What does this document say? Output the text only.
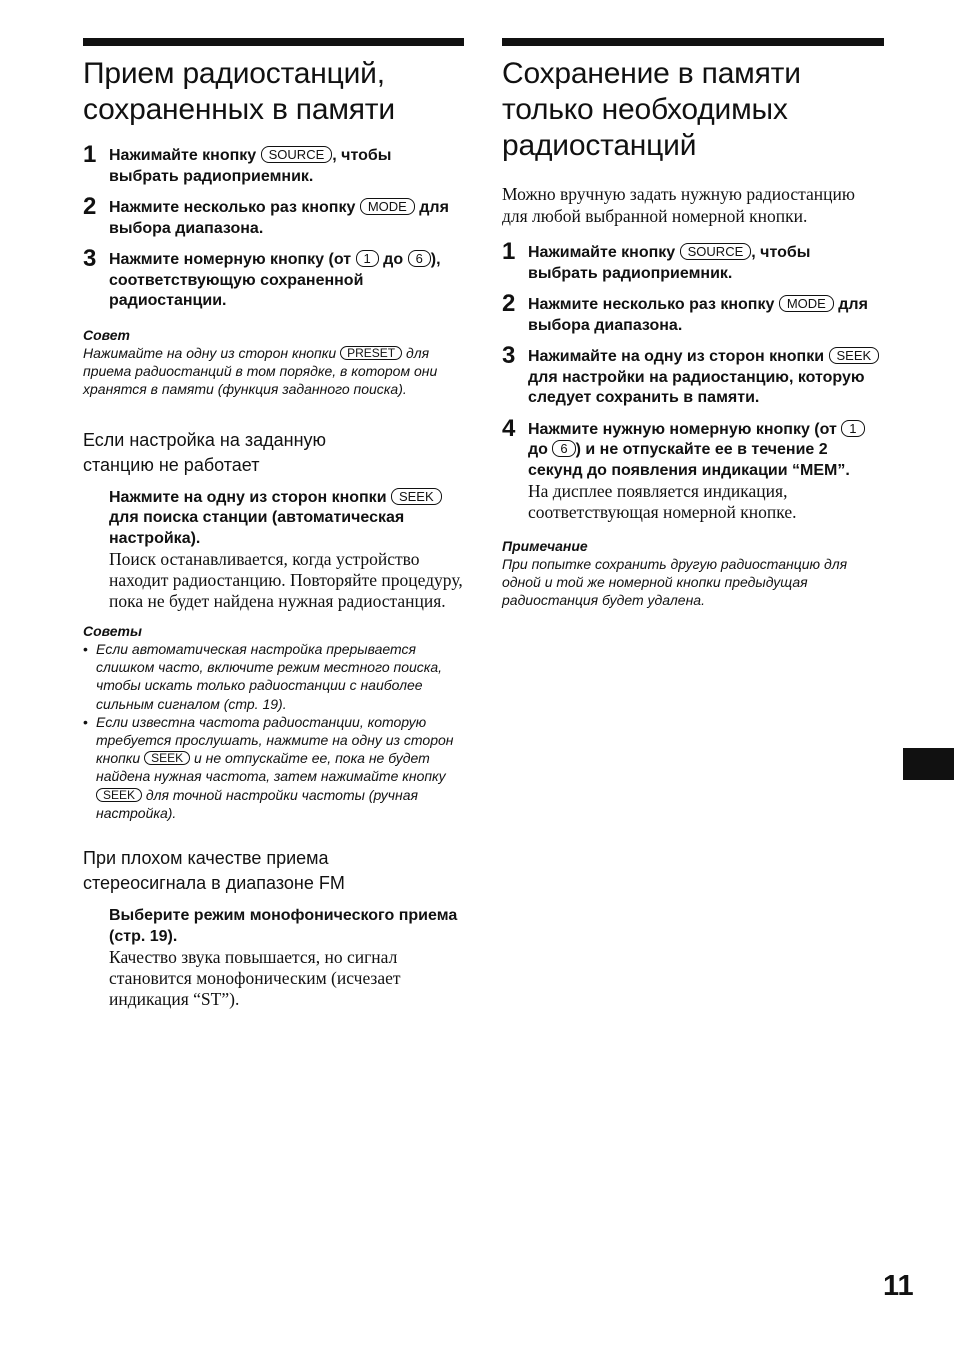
Прием радиостанций,
сохраненных в памяти

1 Нажимайте кнопку SOURCE , чтобы выбрать радиоприемник.

2 Нажмите несколько раз кнопку MODE для выбора диапазона.

3 Нажмите номерную кнопку (от 1 до 6 ), соответствующую сохраненной радиостанции.

Совет

Нажимайте на одну из сторон кнопки PRESET для приема радиостанций в том порядке, в котором они хранятся в памяти (функция заданного поиска).

Если настройка на заданную
станцию не работает
Нажмите на одну из сторон кнопки SEEK для поиска станции (автоматическая настройка).
Поиск останавливается, когда устройство находит радиостанцию. Повторяйте процедуру, пока не будет найдена нужная радиостанция.

Советы

• Если автоматическая настройка прерывается слишком часто, включите режим местного поиска, чтобы искать только радиостанции с наиболее сильным сигналом (стр. 19).
• Если известна частота радиостанции, которую требуется прослушать, нажмите на одну из сторон кнопки SEEK и не отпускайте ее, пока не будет найдена нужная частота, затем нажимайте кнопку SEEK для точной настройки частоты (ручная настройка).
При плохом качестве приема
стереосигнала в диапазоне FM
Выберите режим монофонического приема (стр. 19).
Качество звука повышается, но сигнал становится монофоническим (исчезает индикация “ST”).
Сохранение в памяти
только необходимых
радиостанций

Можно вручную задать нужную радиостанцию для любой выбранной номерной кнопки.

1 Нажимайте кнопку SOURCE , чтобы выбрать радиоприемник.

2 Нажмите несколько раз кнопку MODE для выбора диапазона.

3 Нажимайте на одну из сторон кнопки SEEK для настройки на радиостанцию, которую следует сохранить в памяти.

4 Нажмите нужную номерную кнопку (от 1 до 6 ) и не отпускайте ее в течение 2 секунд до появления индикации “MEM”.
На дисплее появляется индикация, соответствующая номерной кнопке.

Примечание

При попытке сохранить другую радиостанцию для одной и той же номерной кнопки предыдущая радиостанция будет удалена.

11
